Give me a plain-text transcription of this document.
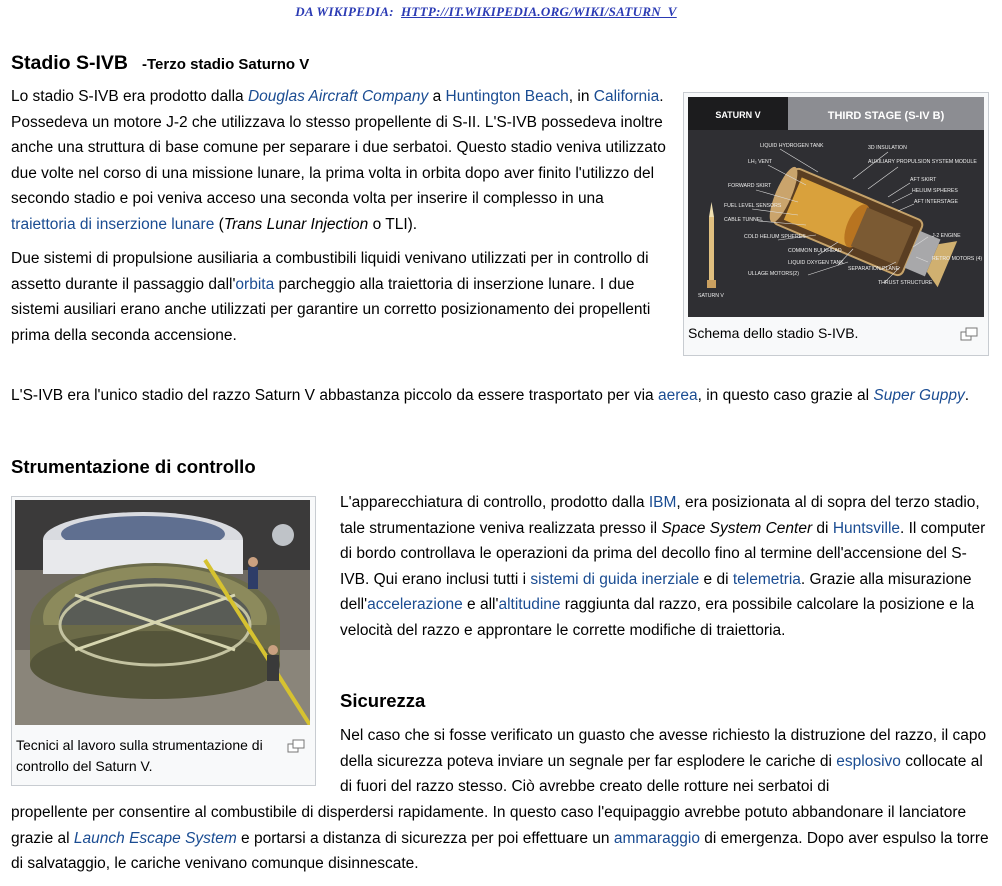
DA WIKIPEDIA: HTTP://IT.WIKIPEDIA.ORG/WIKI/SATURN_V
Stadio S-IVB -Terzo stadio Saturno V

Lo stadio S-IVB era prodotto dalla Douglas Aircraft Company a Huntington Beach, in California. Possedeva un motore J-2 che utilizzava lo stesso propellente di S-II. L'S-IVB possedeva inoltre anche una struttura di base comune per separare i due serbatoi. Questo stadio veniva utilizzato due volte nel corso di una missione lunare, la prima volta in orbita dopo aver finito l'utilizzo del secondo stadio e poi veniva acceso una seconda volta per inserire il complesso in una traiettoria di inserzione lunare (Trans Lunar Injection o TLI).

Due sistemi di propulsione ausiliaria a combustibili liquidi venivano utilizzati per in controllo di assetto durante il passaggio dall'orbita parcheggio alla traiettoria di inserzione lunare. I due sistemi ausiliari erano anche utilizzati per garantire un corretto posizionamento dei propellenti prima della seconda accensione.

L'S-IVB era l'unico stadio del razzo Saturn V abbastanza piccolo da essere trasportato per via aerea, in questo caso grazie al Super Guppy.

SATURN V	THIRD STAGE (S-IV B)
LIQUID HYDROGEN TANK
LH₂ VENT
FORWARD SKIRT
FUEL LEVEL SENSORS
CABLE TUNNEL
COLD HELIUM SPHERES
COMMON BULKHEAD
LIQUID OXYGEN TANK
ULLAGE MOTORS(2)
SATURN V
3D INSULATION
AUXILIARY PROPULSION SYSTEM MODULE
AFT SKIRT
HELIUM SPHERES
AFT INTERSTAGE
J-2 ENGINE
RETRO MOTORS (4)
SEPARATION PLANE
THRUST STRUCTURE
Schema dello stadio S-IVB.
Strumentazione di controllo
Tecnici al lavoro sulla strumentazione di controllo del Saturn V.

L'apparecchiatura di controllo, prodotto dalla IBM, era posizionata al di sopra del terzo stadio, tale strumentazione veniva realizzata presso il Space System Center di Huntsville. Il computer di bordo controllava le operazioni da prima del decollo fino al termine dell'accensione del S-IVB. Qui erano inclusi tutti i sistemi di guida inerziale e di telemetria. Grazie alla misurazione dell'accelerazione e all'altitudine raggiunta dal razzo, era possibile calcolare la posizione e la velocità del razzo e approntare le corrette modifiche di traiettoria.

Sicurezza

Nel caso che si fosse verificato un guasto che avesse richiesto la distruzione del razzo, il capo della sicurezza poteva inviare un segnale per far esplodere le cariche di esplosivo collocate al di fuori del razzo stesso. Ciò avrebbe creato delle rotture nei serbatoi di

propellente per consentire al combustibile di disperdersi rapidamente. In questo caso l'equipaggio avrebbe potuto abbandonare il lanciatore grazie al Launch Escape System e portarsi a distanza di sicurezza per poi effettuare un ammaraggio di emergenza. Dopo aver espulso la torre di salvataggio, le cariche venivano comunque disinnescate.
